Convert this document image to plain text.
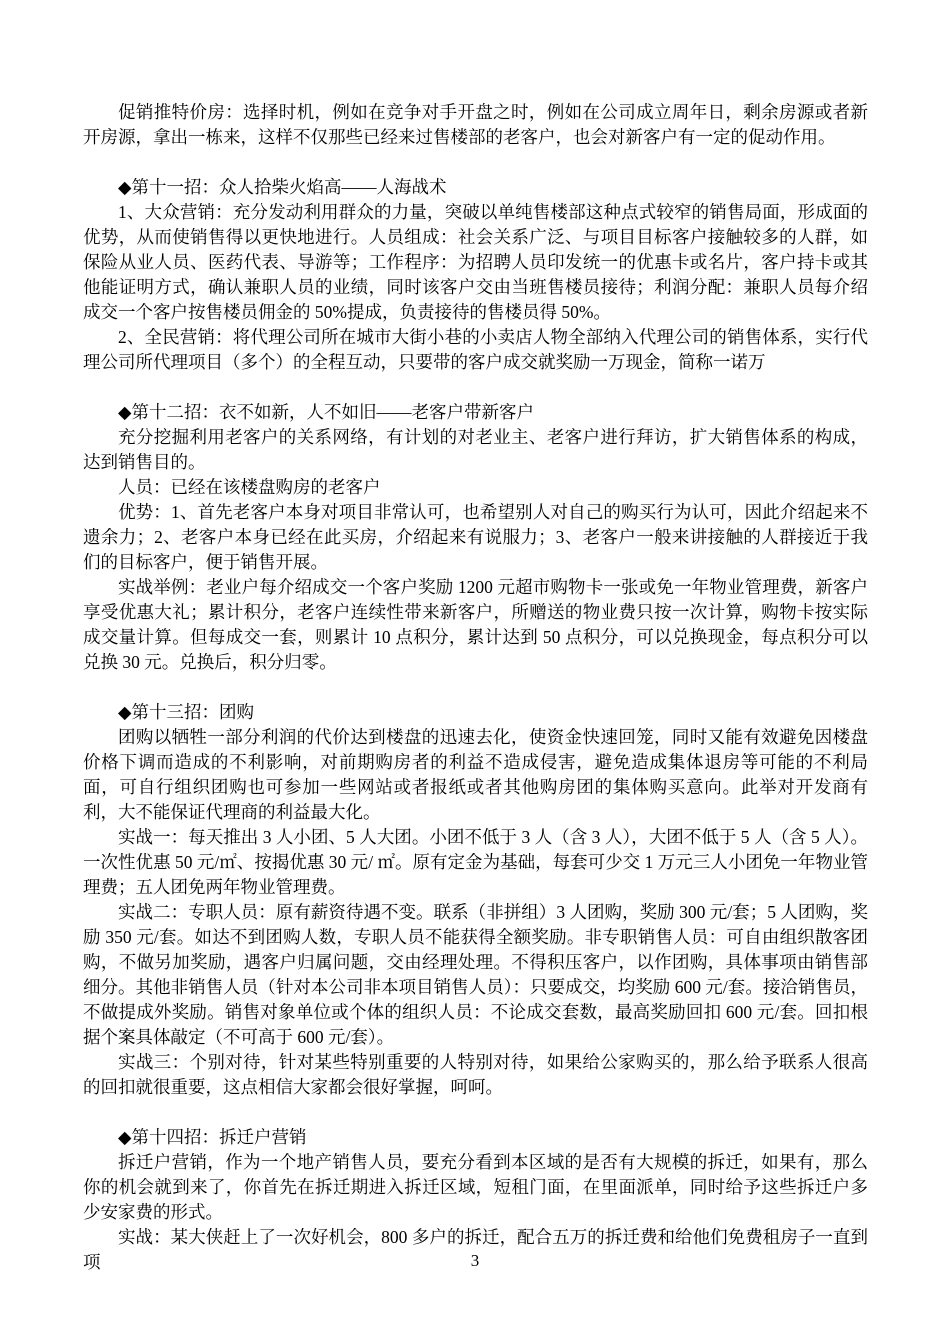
促销推特价房：选择时机，例如在竞争对手开盘之时，例如在公司成立周年日，剩余房源或者新开房源，拿出一栋来，这样不仅那些已经来过售楼部的老客户，也会对新客户有一定的促动作用。

◆第十一招：众人拾柴火焰高——人海战术

1、大众营销：充分发动利用群众的力量，突破以单纯售楼部这种点式较窄的销售局面，形成面的优势，从而使销售得以更快地进行。人员组成：社会关系广泛、与项目目标客户接触较多的人群，如保险从业人员、医药代表、导游等；工作程序：为招聘人员印发统一的优惠卡或名片，客户持卡或其他能证明方式，确认兼职人员的业绩，同时该客户交由当班售楼员接待；利润分配：兼职人员每介绍成交一个客户按售楼员佣金的 50%提成，负责接待的售楼员得 50%。

2、全民营销：将代理公司所在城市大街小巷的小卖店人物全部纳入代理公司的销售体系，实行代理公司所代理项目（多个）的全程互动，只要带的客户成交就奖励一万现金，简称一诺万

◆第十二招：衣不如新，人不如旧——老客户带新客户

充分挖掘利用老客户的关系网络，有计划的对老业主、老客户进行拜访，扩大销售体系的构成，达到销售目的。

人员：已经在该楼盘购房的老客户

优势：1、首先老客户本身对项目非常认可，也希望别人对自己的购买行为认可，因此介绍起来不遗余力；2、老客户本身已经在此买房，介绍起来有说服力；3、老客户一般来讲接触的人群接近于我们的目标客户，便于销售开展。

实战举例：老业户每介绍成交一个客户奖励 1200 元超市购物卡一张或免一年物业管理费，新客户享受优惠大礼；累计积分，老客户连续性带来新客户，所赠送的物业费只按一次计算，购物卡按实际成交量计算。但每成交一套，则累计 10 点积分，累计达到 50 点积分，可以兑换现金，每点积分可以兑换 30 元。兑换后，积分归零。

◆第十三招：团购

团购以牺牲一部分利润的代价达到楼盘的迅速去化，使资金快速回笼，同时又能有效避免因楼盘价格下调而造成的不利影响，对前期购房者的利益不造成侵害，避免造成集体退房等可能的不利局面，可自行组织团购也可参加一些网站或者报纸或者其他购房团的集体购买意向。此举对开发商有利，大不能保证代理商的利益最大化。

实战一：每天推出 3 人小团、5 人大团。小团不低于 3 人（含 3 人），大团不低于 5 人（含 5 人）。一次性优惠 50 元/㎡、按揭优惠 30 元/ ㎡。原有定金为基础，每套可少交 1 万元三人小团免一年物业管理费；五人团免两年物业管理费。

实战二：专职人员：原有薪资待遇不变。联系（非拼组）3 人团购，奖励 300 元/套；5 人团购，奖励 350 元/套。如达不到团购人数，专职人员不能获得全额奖励。非专职销售人员：可自由组织散客团购，不做另加奖励，遇客户归属问题，交由经理处理。不得积压客户，以作团购，具体事项由销售部细分。其他非销售人员（针对本公司非本项目销售人员）：只要成交，均奖励 600 元/套。接洽销售员，不做提成外奖励。销售对象单位或个体的组织人员：不论成交套数，最高奖励回扣 600 元/套。回扣根据个案具体敲定（不可高于 600 元/套）。

实战三：个别对待，针对某些特别重要的人特别对待，如果给公家购买的，那么给予联系人很高的回扣就很重要，这点相信大家都会很好掌握，呵呵。

◆第十四招：拆迁户营销

拆迁户营销，作为一个地产销售人员，要充分看到本区域的是否有大规模的拆迁，如果有，那么你的机会就到来了，你首先在拆迁期进入拆迁区域，短租门面，在里面派单，同时给予这些拆迁户多少安家费的形式。

实战：某大侠赶上了一次好机会，800 多户的拆迁，配合五万的拆迁费和给他们免费租房子一直到项	3
